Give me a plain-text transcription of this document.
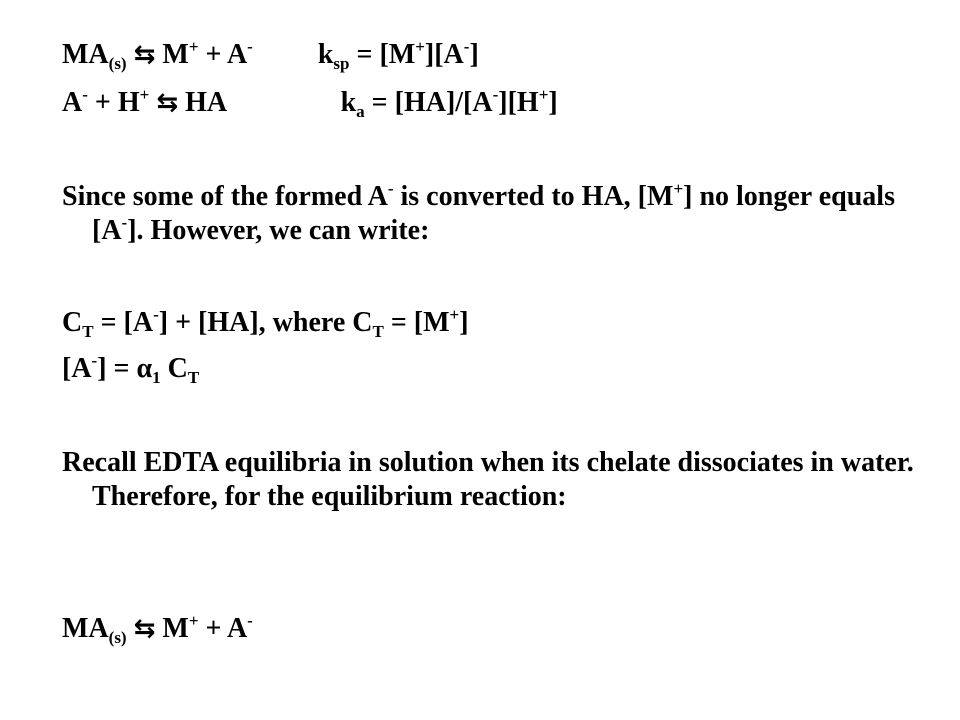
$MA_{(s)}$ ⇆ M+ + A- $k_{sp} = [M^+][A^-]$
A- + H+ ⇆ HA	$k_a = [HA]/[A^-][H^+]$
Since some of the formed A- is converted to HA, [M+] no longer equals [A-]. However, we can write:
$C_T = [A^-] + [HA]$, where $C_T = [M^+]$
$[A^-] = \alpha_1$ $C_T$
Recall EDTA equilibria in solution when its chelate dissociates in water. Therefore, for the equilibrium reaction:
$MA_{(s)}$ ⇆ M+ + A-
